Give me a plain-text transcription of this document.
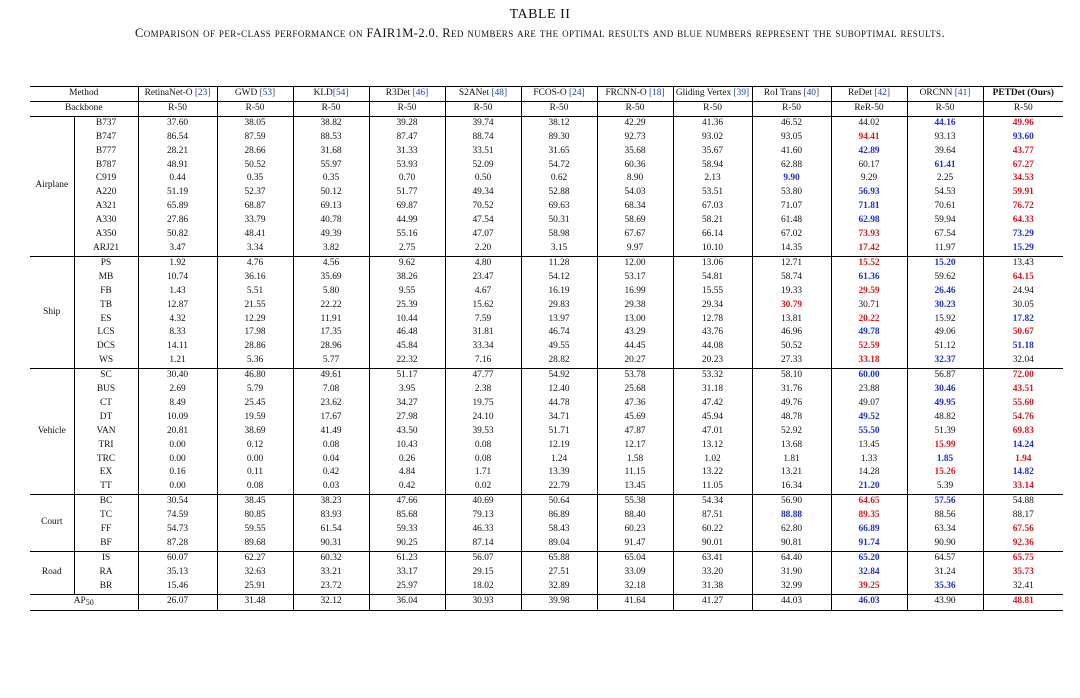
TABLE II
Comparison of per-class performance on FAIR1M-2.0. Red numbers are the optimal results and blue numbers represent the suboptimal results.
Method		RetinaNet-O [23]	GWD [53]	KLD[54]	R3Det [46]	S2ANet [48]	FCOS-O [24]	FRCNN-O [18]	Gliding Vertex [39]	RoI Trans [40]	ReDet [42]	ORCNN [41]	PETDet (Ours)
Backbone		R-50	R-50	R-50	R-50	R-50	R-50	R-50	R-50	R-50	ReR-50	R-50	R-50
Airplane	B737	37.60	38.05	38.82	39.28	39.74	38.12	42.29	41.36	46.52	44.02	44.16	49.96
	B747	86.54	87.59	88.53	87.47	88.74	89.30	92.73	93.02	93.05	94.41	93.13	93.60
	B777	28.21	28.66	31.68	31.33	33.51	31.65	35.68	35.67	41.60	42.89	39.64	43.77
	B787	48.91	50.52	55.97	53.93	52.09	54.72	60.36	58.94	62.88	60.17	61.41	67.27
	C919	0.44	0.35	0.35	0.70	0.50	0.62	8.90	2.13	9.90	9.29	2.25	34.53
	A220	51.19	52.37	50.12	51.77	49.34	52.88	54.03	53.51	53.80	56.93	54.53	59.91
	A321	65.89	68.87	69.13	69.87	70.52	69.63	68.34	67.03	71.07	71.81	70.61	76.72
	A330	27.86	33.79	40.78	44.99	47.54	50.31	58.69	58.21	61.48	62.98	59.94	64.33
	A350	50.82	48.41	49.39	55.16	47.07	58.98	67.67	66.14	67.02	73.93	67.54	73.29
	ARJ21	3.47	3.34	3.82	2.75	2.20	3.15	9.97	10.10	14.35	17.42	11.97	15.29
Ship	PS	1.92	4.76	4.56	9.62	4.80	11.28	12.00	13.06	12.71	15.52	15.20	13.43
	MB	10.74	36.16	35.69	38.26	23.47	54.12	53.17	54.81	58.74	61.36	59.62	64.15
	FB	1.43	5.51	5.80	9.55	4.67	16.19	16.99	15.55	19.33	29.59	26.46	24.94
	TB	12.87	21.55	22.22	25.39	15.62	29.83	29.38	29.34	30.79	30.71	30.23	30.05
	ES	4.32	12.29	11.91	10.44	7.59	13.97	13.00	12.78	13.81	20.22	15.92	17.82
	LCS	8.33	17.98	17.35	46.48	31.81	46.74	43.29	43.76	46.96	49.78	49.06	50.67
	DCS	14.11	28.86	28.96	45.84	33.34	49.55	44.45	44.08	50.52	52.59	51.12	51.18
	WS	1.21	5.36	5.77	22.32	7.16	28.82	20.27	20.23	27.33	33.18	32.37	32.04
Vehicle	SC	30.40	46.80	49.61	51.17	47.77	54.92	53.78	53.32	58.10	60.00	56.87	72.00
	BUS	2.69	5.79	7.08	3.95	2.38	12.40	25.68	31.18	31.76	23.88	30.46	43.51
	CT	8.49	25.45	23.62	34.27	19.75	44.78	47.36	47.42	49.76	49.07	49.95	55.60
	DT	10.09	19.59	17.67	27.98	24.10	34.71	45.69	45.94	48.78	49.52	48.82	54.76
	VAN	20.81	38.69	41.49	43.50	39.53	51.71	47.87	47.01	52.92	55.50	51.39	69.83
	TRI	0.00	0.12	0.08	10.43	0.08	12.19	12.17	13.12	13.68	13.45	15.99	14.24
	TRC	0.00	0.00	0.04	0.26	0.08	1.24	1.58	1.02	1.81	1.33	1.85	1.94
	EX	0.16	0.11	0.42	4.84	1.71	13.39	11.15	13.22	13.21	14.28	15.26	14.82
	TT	0.00	0.08	0.03	0.42	0.02	22.79	13.45	11.05	16.34	21.20	5.39	33.14
Court	BC	30.54	38.45	38.23	47.66	40.69	50.64	55.38	54.34	56.90	64.65	57.56	54.88
	TC	74.59	80.85	83.93	85.68	79.13	86.89	88.40	87.51	88.88	89.35	88.56	88.17
	FF	54.73	59.55	61.54	59.33	46.33	58.43	60.23	60.22	62.80	66.89	63.34	67.56
	BF	87.28	89.68	90.31	90.25	87.14	89.04	91.47	90.01	90.81	91.74	90.90	92.36
Road	IS	60.07	62.27	60.32	61.23	56.07	65.88	65.04	63.41	64.40	65.20	64.57	65.75
	RA	35.13	32.63	33.21	33.17	29.15	27.51	33.09	33.20	31.90	32.84	31.24	35.73
	BR	15.46	25.91	23.72	25.97	18.02	32.89	32.18	31.38	32.99	39.25	35.36	32.41
AP50		26.07	31.48	32.12	36.04	30.93	39.98	41.64	41.27	44.03	46.03	43.90	48.81
